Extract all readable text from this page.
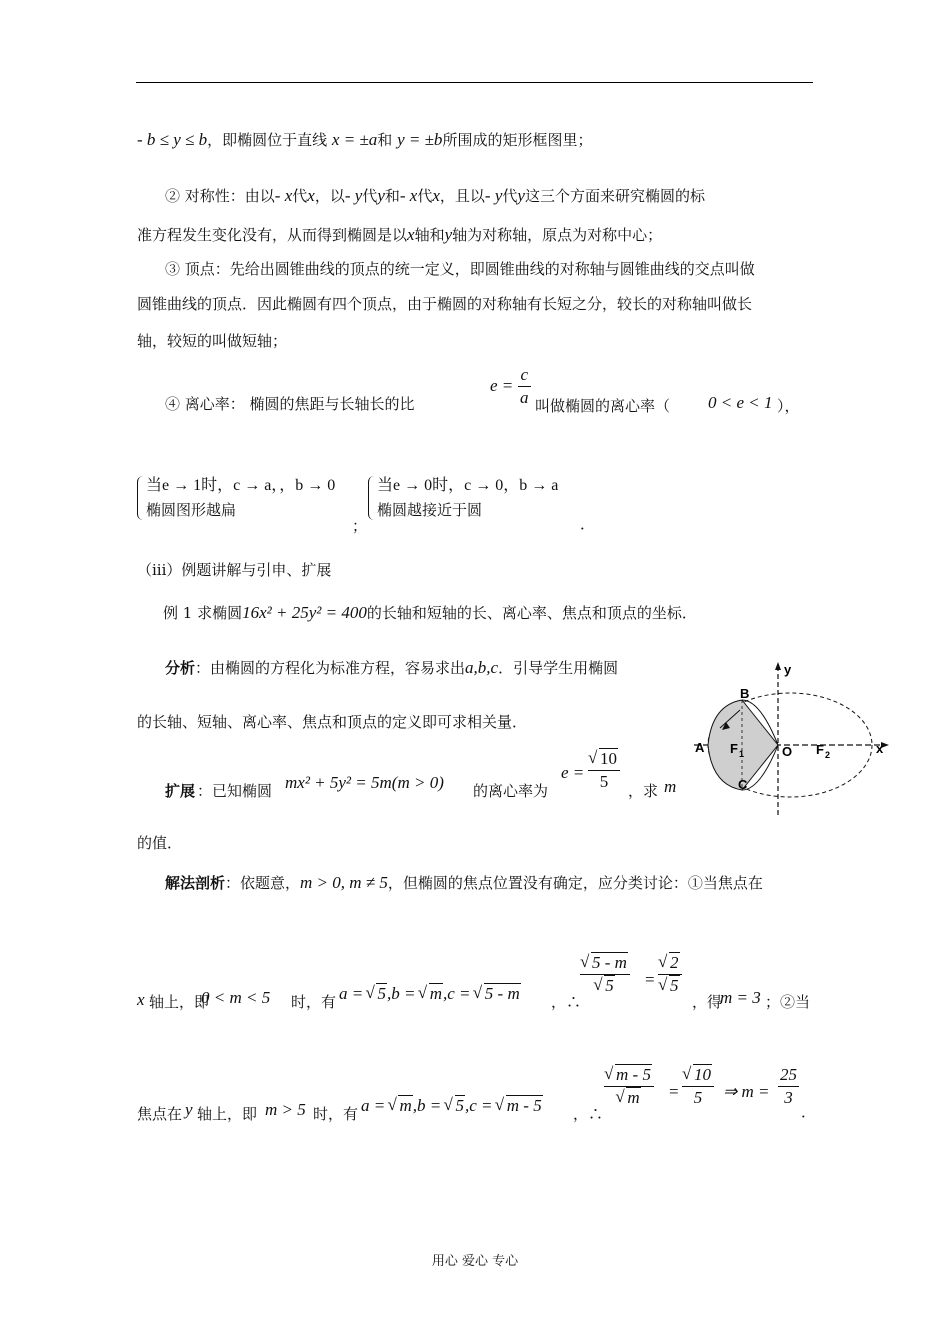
- b ≤ y ≤ b，即椭圆位于直线 x = ±a和 y = ±b所围成的矩形框图里；
② 对称性：由以- x代x，以- y代y和- x代x，且以- y代y这三个方面来研究椭圆的标
准方程发生变化没有，从而得到椭圆是以x轴和y轴为对称轴，原点为对称中心；
③ 顶点：先给出圆锥曲线的顶点的统一定义，即圆锥曲线的对称轴与圆锥曲线的交点叫做
圆锥曲线的顶点．因此椭圆有四个顶点，由于椭圆的对称轴有长短之分，较长的对称轴叫做长
轴，较短的叫做短轴；
④ 离心率： 椭圆的焦距与长轴长的比
$e = \frac{c}{a}$ 叫做椭圆的离心率（ 0 < e < 1 ），
当e → 1时，c → a，，b → 0
椭圆图形越扁
；
当e → 0时，c → 0，b → a
椭圆越接近于圆
．
（iii）例题讲解与引申、扩展
例 1 求椭圆16x² + 25y² = 400的长轴和短轴的长、离心率、焦点和顶点的坐标．
分析：由椭圆的方程化为标准方程，容易求出a,b,c．引导学生用椭圆
的长轴、短轴、离心率、焦点和顶点的定义即可求相关量．
扩展 ：已知椭圆 mx² + 5y² = 5m(m > 0) 的离心率为
e = √ $\frac{10}{5}$ ，求 m
的值．
解法剖析：依题意，m > 0, m ≠ 5，但椭圆的焦点位置没有确定，应分类讨论：①当焦点在
x 轴上，即
0 < m < 5 时，有 a = √ 5,b = √ m,c = √ 5 - m ，∴
√ 5 - m
√ 5 = √ 2
√ 5
，得
m = 3 ；②当
焦点在 y 轴上，即 m > 5 时，有 a = √ m,b = √ 5,c = √ m - 5 ，∴
√ m - 5
√ m = √ $\frac{10}{5}$ ⇒ $m = \frac{25}{3}$
．
y
x
B
A F 1	O F 2
C
用心 爱心 专心
